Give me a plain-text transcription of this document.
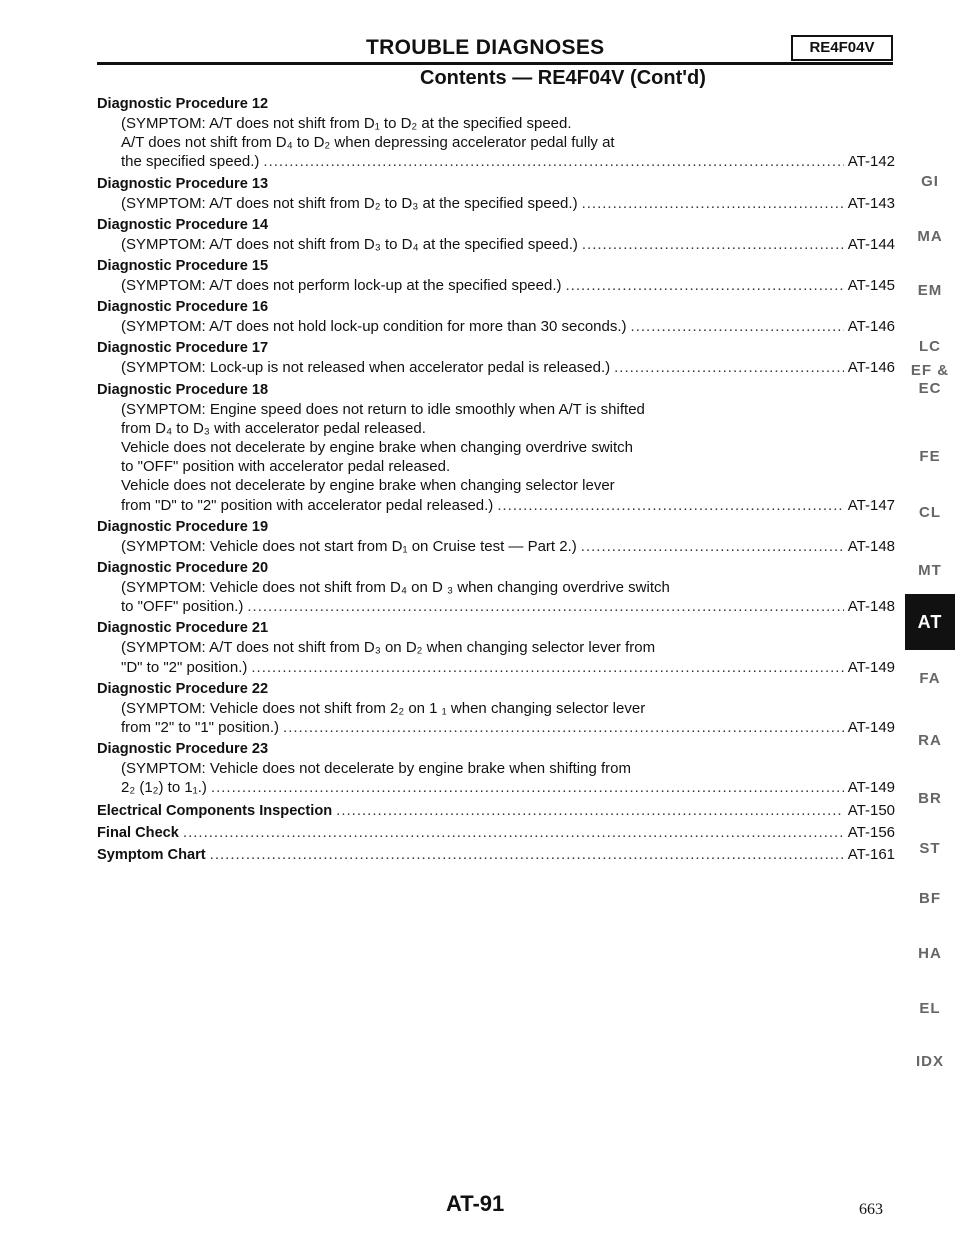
TROUBLE DIAGNOSES	RE4F04V
Contents — RE4F04V (Cont'd)
Diagnostic Procedure 12
(SYMPTOM: A/T does not shift from D₁ to D₂ at the specified speed.
A/T does not shift from D₄ to D₂ when depressing accelerator pedal fully at
the specified speed.) .....	AT-142
Diagnostic Procedure 13
(SYMPTOM: A/T does not shift from D₂ to D₃ at the specified speed.) .....	AT-143
Diagnostic Procedure 14
(SYMPTOM: A/T does not shift from D₃ to D₄ at the specified speed.) .....	AT-144
Diagnostic Procedure 15
(SYMPTOM: A/T does not perform lock-up at the specified speed.) .....	AT-145
Diagnostic Procedure 16
(SYMPTOM: A/T does not hold lock-up condition for more than 30 seconds.) .....	AT-146
Diagnostic Procedure 17
(SYMPTOM: Lock-up is not released when accelerator pedal is released.) .....	AT-146
Diagnostic Procedure 18
(SYMPTOM: Engine speed does not return to idle smoothly when A/T is shifted
from D₄ to D₃ with accelerator pedal released.
Vehicle does not decelerate by engine brake when changing overdrive switch
to "OFF" position with accelerator pedal released.
Vehicle does not decelerate by engine brake when changing selector lever
from "D" to "2" position with accelerator pedal released.) .....	AT-147
Diagnostic Procedure 19
(SYMPTOM: Vehicle does not start from D₁ on Cruise test — Part 2.) .....	AT-148
Diagnostic Procedure 20
(SYMPTOM: Vehicle does not shift from D₄ on D ₃ when changing overdrive switch
to "OFF" position.) .....	AT-148
Diagnostic Procedure 21
(SYMPTOM: A/T does not shift from D₃ on D₂ when changing selector lever from
"D" to "2" position.) .....	AT-149
Diagnostic Procedure 22
(SYMPTOM: Vehicle does not shift from 2₂ on 1 ₁ when changing selector lever
from "2" to "1" position.) .....	AT-149
Diagnostic Procedure 23
(SYMPTOM: Vehicle does not decelerate by engine brake when shifting from
2₂ (1₂) to 1₁.) .....	AT-149
Electrical Components Inspection .....	AT-150
Final Check .....	AT-156
Symptom Chart .....	AT-161
GI
MA
EM
LC
EF &
EC
FE
CL
MT
AT
FA
RA
BR
ST
BF
HA
EL
IDX
AT-91	663
